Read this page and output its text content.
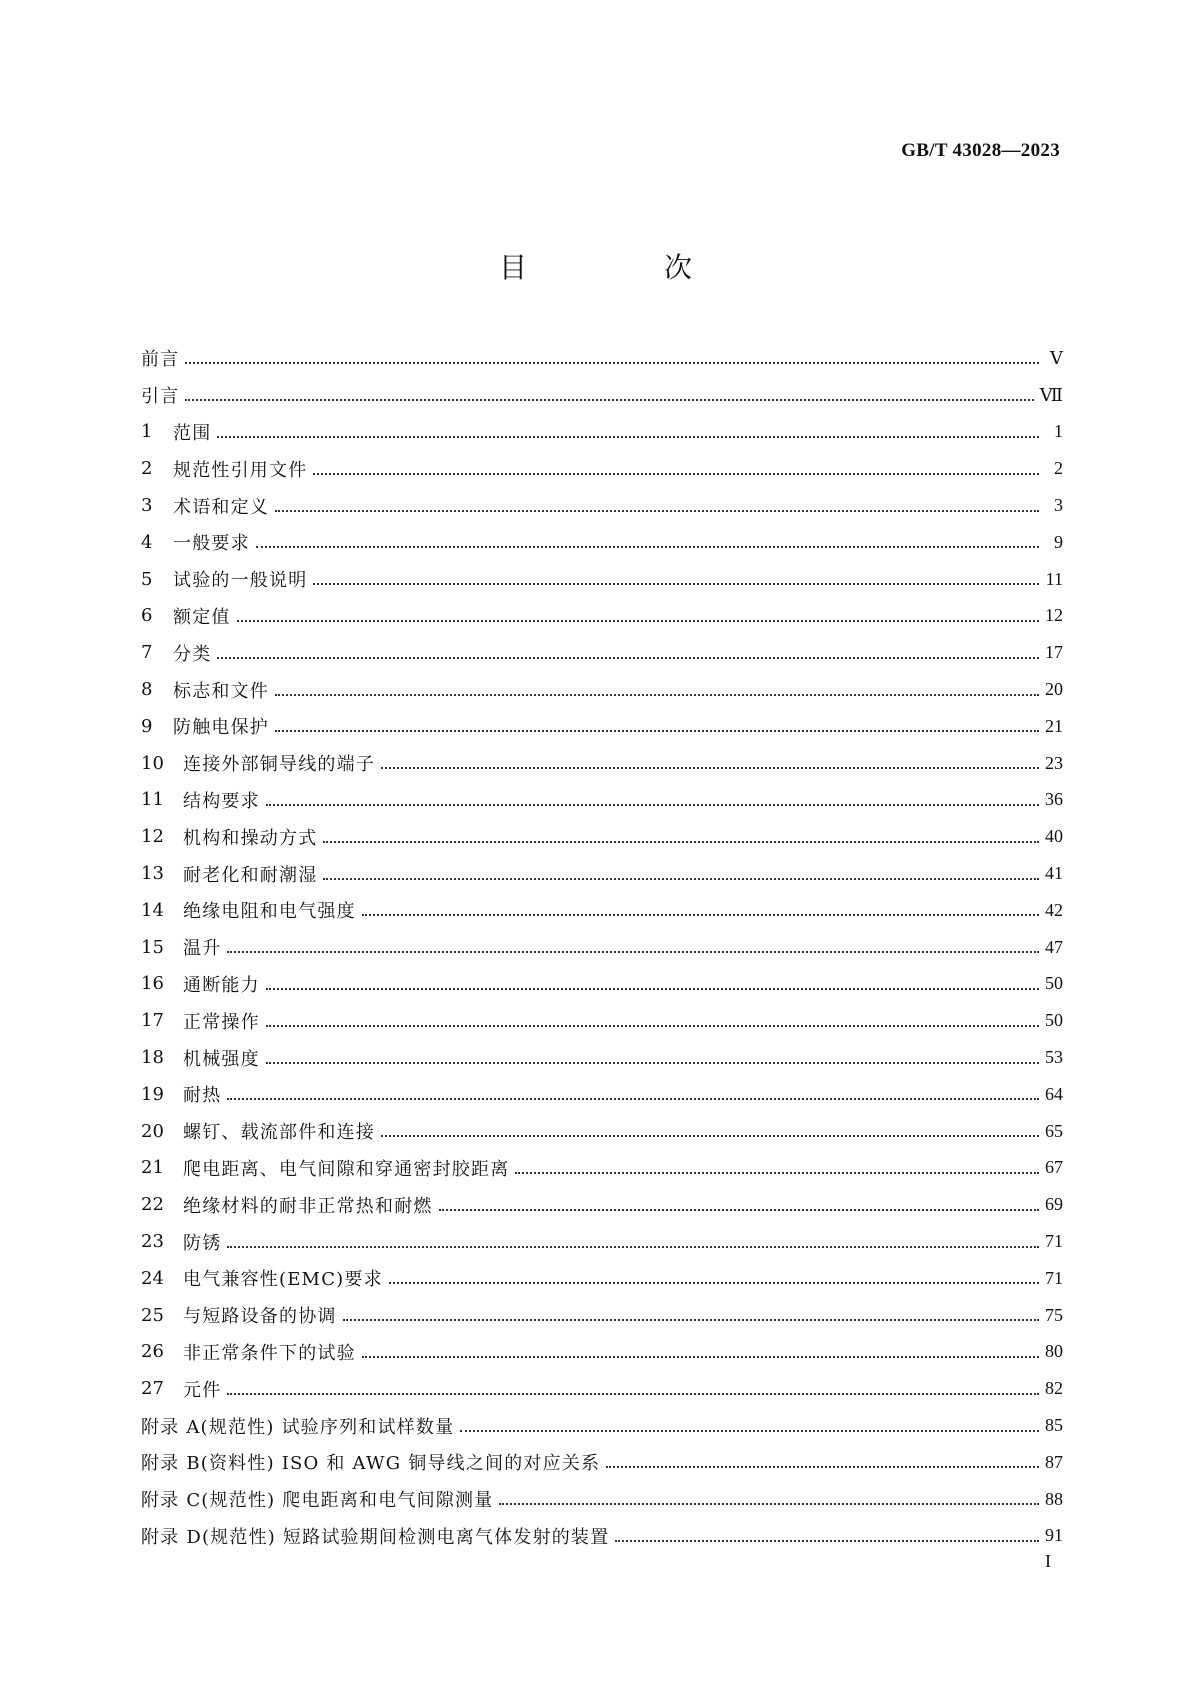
GB/T 43028—2023
目 次
前言	Ⅴ
引言	Ⅶ
1	范围	1
2	规范性引用文件	2
3	术语和定义	3
4	一般要求	9
5	试验的一般说明	11
6	额定值	12
7	分类	17
8	标志和文件	20
9	防触电保护	21
10	连接外部铜导线的端子	23
11	结构要求	36
12	机构和操动方式	40
13	耐老化和耐潮湿	41
14	绝缘电阻和电气强度	42
15	温升	47
16	通断能力	50
17	正常操作	50
18	机械强度	53
19	耐热	64
20	螺钉、载流部件和连接	65
21	爬电距离、电气间隙和穿通密封胶距离	67
22	绝缘材料的耐非正常热和耐燃	69
23	防锈	71
24	电气兼容性(EMC)要求	71
25	与短路设备的协调	75
26	非正常条件下的试验	80
27	元件	82
附录 A(规范性) 试验序列和试样数量	85
附录 B(资料性) ISO 和 AWG 铜导线之间的对应关系	87
附录 C(规范性) 爬电距离和电气间隙测量	88
附录 D(规范性) 短路试验期间检测电离气体发射的装置	91
I
